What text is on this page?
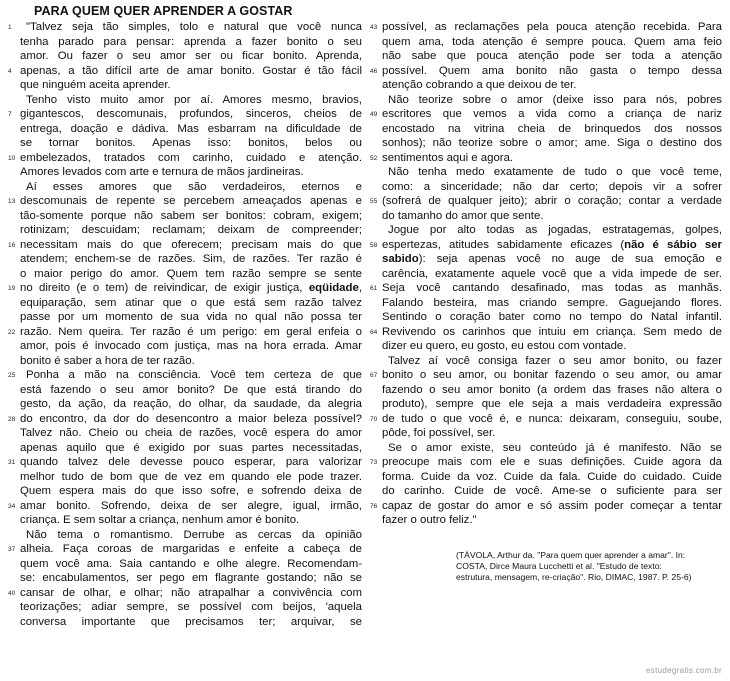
PARA QUEM QUER APRENDER A GOSTAR
1	"Talvez seja tão simples, tolo e natural que você nunca
tenha parado para pensar: aprenda a fazer bonito o seu
amor. Ou fazer o seu amor ser ou ficar bonito. Aprenda,
4 apenas, a tão difícil arte de amar bonito. Gostar é tão fácil
que ninguém aceita aprender.
Tenho visto muito amor por aí. Amores mesmo, bravios,
7 gigantescos, descomunais, profundos, sinceros, cheios de
entrega, doação e dádiva. Mas esbarram na dificuldade de
se tornar bonitos. Apenas isso: bonitos, belos ou
10 embelezados, tratados com carinho, cuidado e atenção.
Amores levados com arte e ternura de mãos jardineiras.
Aí esses amores que são verdadeiros, eternos e
13 descomunais de repente se percebem ameaçados apenas e
tão-somente porque não sabem ser bonitos: cobram, exigem;
rotinizam; descuidam; reclamam; deixam de compreender;
16 necessitam mais do que oferecem; precisam mais do que
atendem; enchem-se de razões. Sim, de razões. Ter razão é
o maior perigo do amor. Quem tem razão sempre se sente
19 no direito (e o tem) de reivindicar, de exigir justiça, eqüidade,
equiparação, sem atinar que o que está sem razão talvez
passe por um momento de sua vida no qual não possa ter
22 razão. Nem queira. Ter razão é um perigo: em geral enfeia o
amor, pois é invocado com justiça, mas na hora errada. Amar
bonito é saber a hora de ter razão.
25 Ponha a mão na consciência. Você tem certeza de que
está fazendo o seu amor bonito? De que está tirando do
gesto, da ação, da reação, do olhar, da saudade, da alegria
28 do encontro, da dor do desencontro a maior beleza possível?
Talvez não. Cheio ou cheia de razões, você espera do amor
apenas aquilo que é exigido por suas partes necessitadas,
31 quando talvez dele devesse pouco esperar, para valorizar
melhor tudo de bom que de vez em quando ele pode trazer.
Quem espera mais do que isso sofre, e sofrendo deixa de
34 amar bonito. Sofrendo, deixa de ser alegre, igual, irmão,
criança. E sem soltar a criança, nenhum amor é bonito.
Não tema o romantismo. Derrube as cercas da opinião
37 alheia. Faça coroas de margaridas e enfeite a cabeça de
quem você ama. Saia cantando e olhe alegre. Recomendam-
se: encabulamentos, ser pego em flagrante gostando; não se
40 cansar de olhar, e olhar; não atrapalhar a convivência com
teorizações; adiar sempre, se possível com beijos, 'aquela
conversa importante que precisamos ter; arquivar, se
43 possível, as reclamações pela pouca atenção recebida. Para
quem ama, toda atenção é sempre pouca. Quem ama feio
não sabe que pouca atenção pode ser toda a atenção
46 possível. Quem ama bonito não gasta o tempo dessa
atenção cobrando a que deixou de ter.
Não teorize sobre o amor (deixe isso para nós, pobres
49 escritores que vemos a vida como a criança de nariz
encostado na vitrina cheia de brinquedos dos nossos
sonhos); não teorize sobre o amor; ame. Siga o destino dos
52 sentimentos aqui e agora.
Não tenha medo exatamente de tudo o que você teme,
como: a sinceridade; não dar certo; depois vir a sofrer
55 (sofrerá de qualquer jeito); abrir o coração; contar a verdade
do tamanho do amor que sente.
Jogue por alto todas as jogadas, estratagemas, golpes,
58 espertezas, atitudes sabidamente eficazes (não é sábio ser
sabido): seja apenas você no auge de sua emoção e
carência, exatamente aquele você que a vida impede de ser.
61 Seja você cantando desafinado, mas todas as manhãs.
Falando besteira, mas criando sempre. Gaguejando flores.
Sentindo o coração bater como no tempo do Natal infantil.
64 Revivendo os carinhos que intuiu em criança. Sem medo de
dizer eu quero, eu gosto, eu estou com vontade.
Talvez aí você consiga fazer o seu amor bonito, ou fazer
67 bonito o seu amor, ou bonitar fazendo o seu amor, ou amar
fazendo o seu amor bonito (a ordem das frases não altera o
produto), sempre que ele seja a mais verdadeira expressão
70 de tudo o que você é, e nunca: deixaram, conseguiu, soube,
pôde, foi possível, ser.
Se o amor existe, seu conteúdo já é manifesto. Não se
73 preocupe mais com ele e suas definições. Cuide agora da
forma. Cuide da voz. Cuide da fala. Cuide do cuidado. Cuide
do carinho. Cuide de você. Ame-se o suficiente para ser
76 capaz de gostar do amor e só assim poder começar a tentar
fazer o outro feliz."
(TÁVOLA, Arthur da. "Para quem quer aprender a amar". In:
COSTA, Dirce Maura Lucchetti et al. "Estudo de texto:
estrutura, mensagem, re-criação". Rio, DIMAC, 1987. P. 25-6)
estudegratis.com.br
